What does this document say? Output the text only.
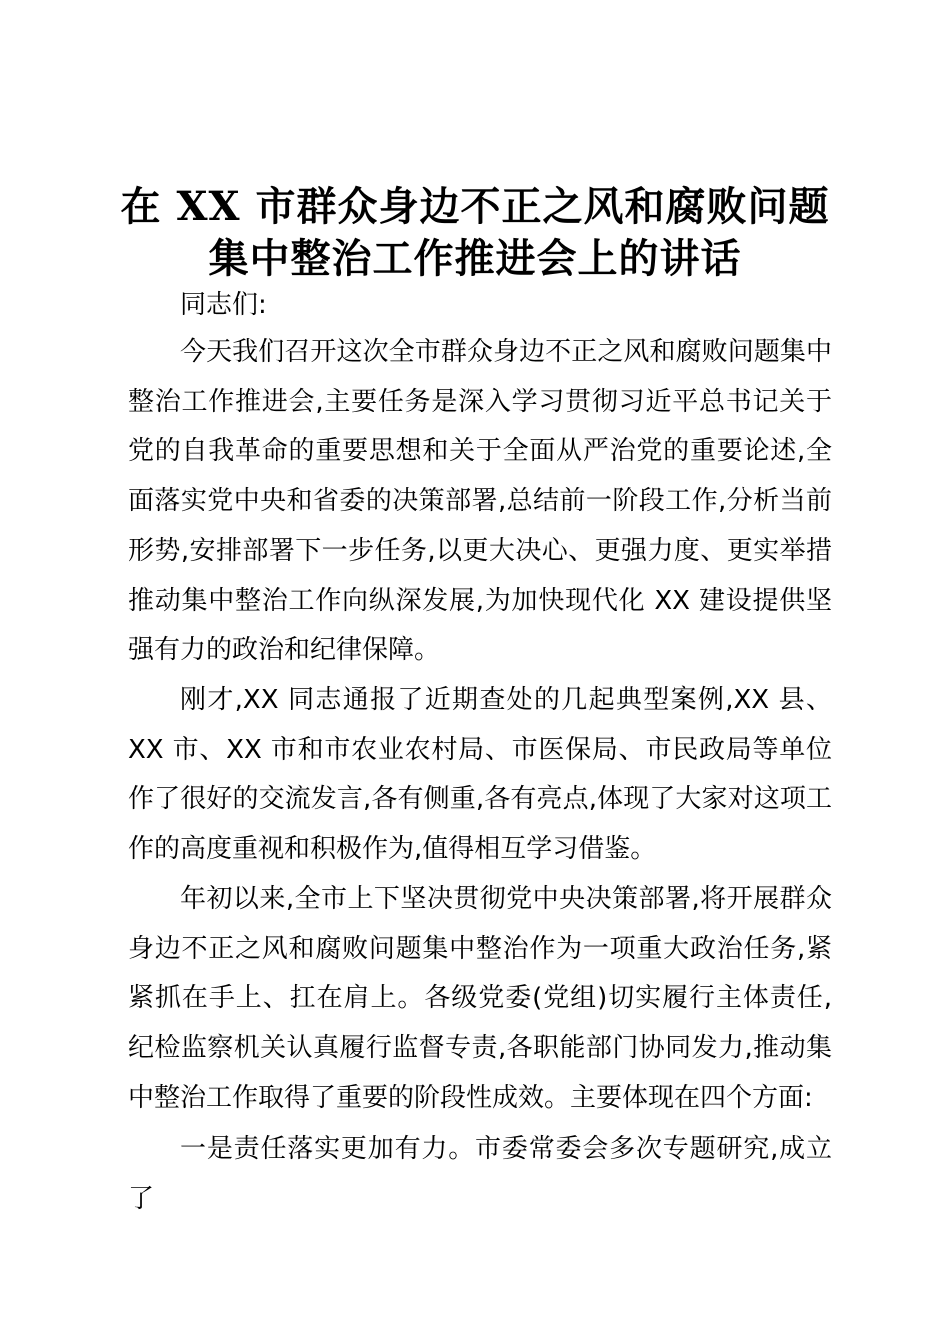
在 XX 市群众身边不正之风和腐败问题
集中整治工作推进会上的讲话

同志们:

今天我们召开这次全市群众身边不正之风和腐败问题集中整治工作推进会,主要任务是深入学习贯彻习近平总书记关于党的自我革命的重要思想和关于全面从严治党的重要论述,全面落实党中央和省委的决策部署,总结前一阶段工作,分析当前形势,安排部署下一步任务,以更大决心、更强力度、更实举措推动集中整治工作向纵深发展,为加快现代化 XX 建设提供坚强有力的政治和纪律保障。

刚才,XX 同志通报了近期查处的几起典型案例,XX 县、XX 市、XX 市和市农业农村局、市医保局、市民政局等单位作了很好的交流发言,各有侧重,各有亮点,体现了大家对这项工作的高度重视和积极作为,值得相互学习借鉴。

年初以来,全市上下坚决贯彻党中央决策部署,将开展群众身边不正之风和腐败问题集中整治作为一项重大政治任务,紧紧抓在手上、扛在肩上。各级党委(党组)切实履行主体责任,纪检监察机关认真履行监督专责,各职能部门协同发力,推动集中整治工作取得了重要的阶段性成效。主要体现在四个方面:

一是责任落实更加有力。市委常委会多次专题研究,成立了
